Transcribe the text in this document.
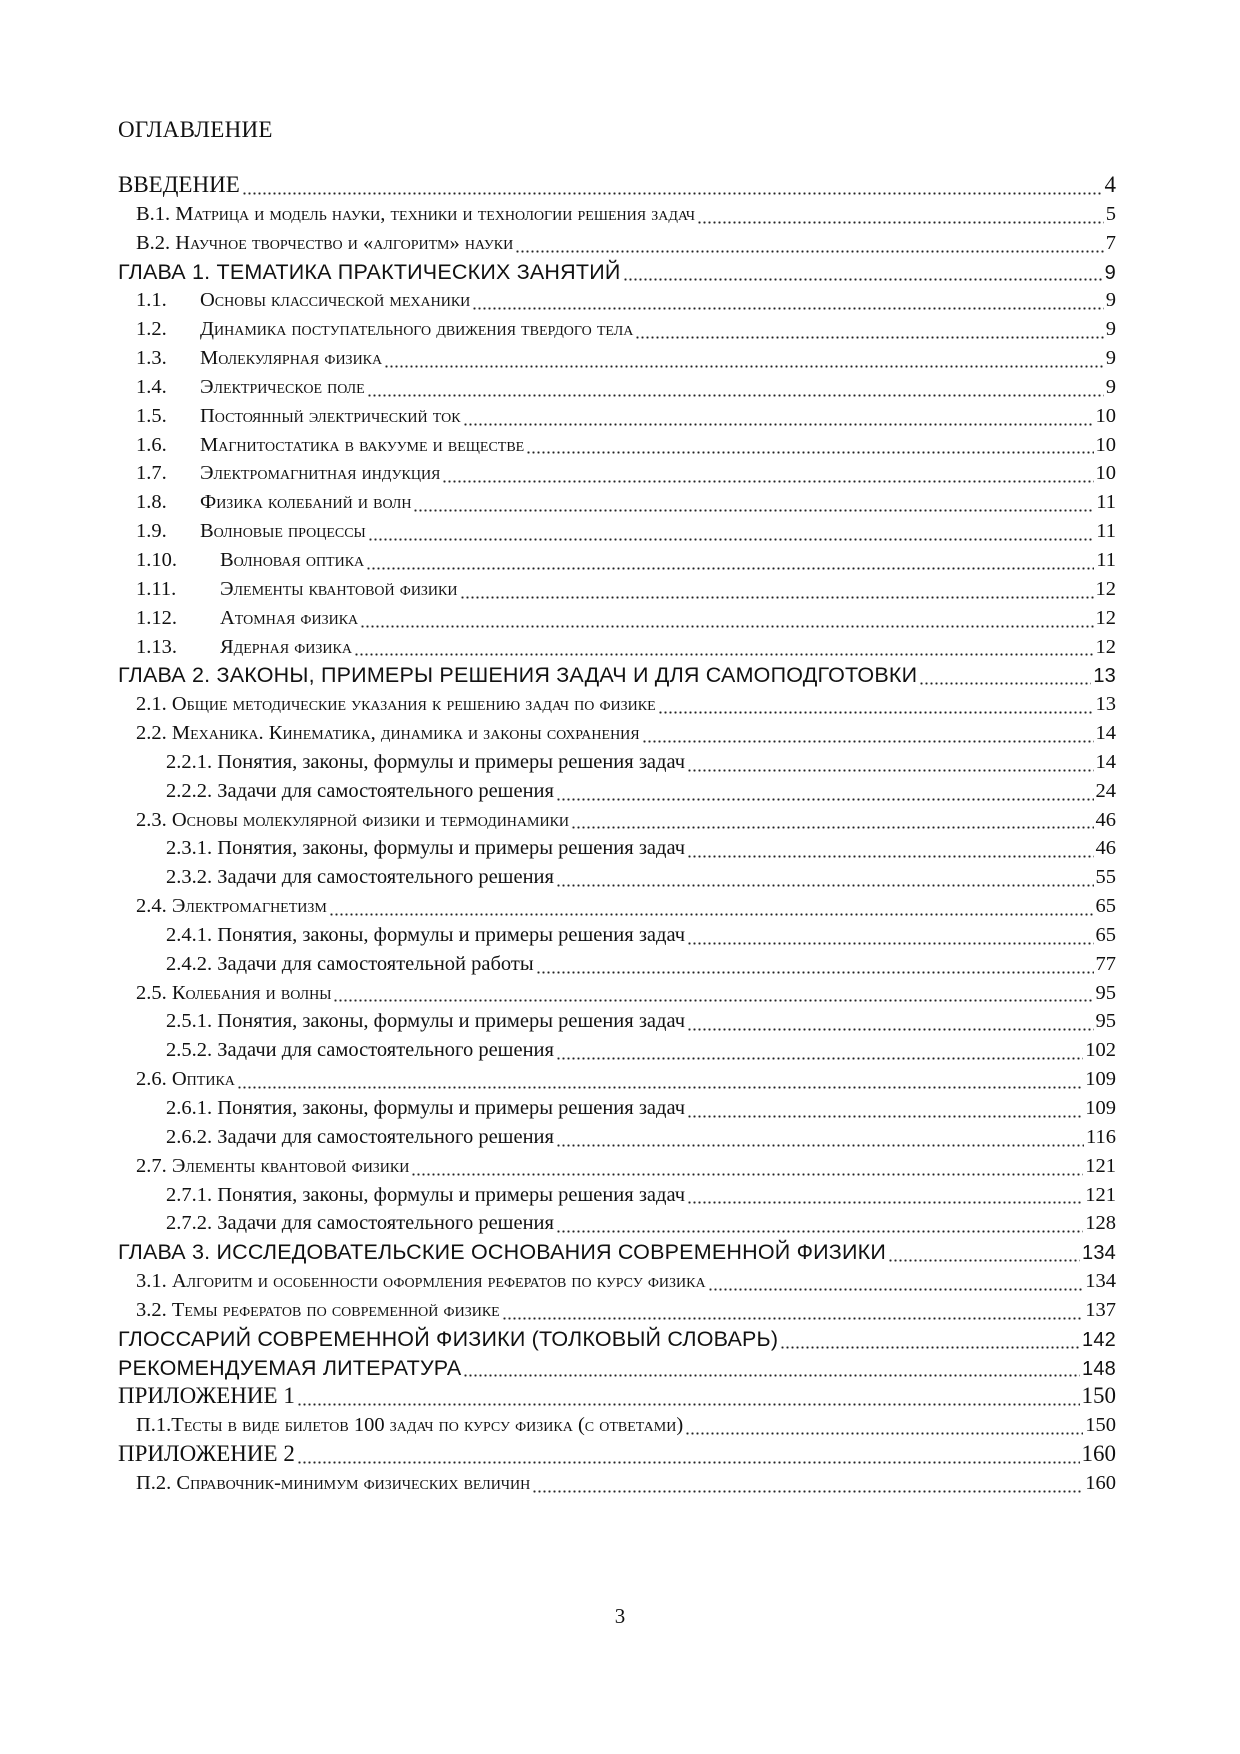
ОГЛАВЛЕНИЕ
ВВЕДЕНИЕ	4
В.1. Матрица и модель науки, техники и технологии решения задач	5
В.2. Научное творчество и «алгоритм» науки	7
ГЛАВА 1. ТЕМАТИКА ПРАКТИЧЕСКИХ ЗАНЯТИЙ	9
1.1.	Основы классической механики	9
1.2.	Динамика поступательного движения твердого тела	9
1.3.	Молекулярная физика	9
1.4.	Электрическое поле	9
1.5.	Постоянный электрический ток	10
1.6.	Магнитостатика в вакууме и веществе	10
1.7.	Электромагнитная индукция	10
1.8.	Физика колебаний и волн	11
1.9.	Волновые процессы	11
1.10.	Волновая оптика	11
1.11.	Элементы квантовой физики	12
1.12.	Атомная физика	12
1.13.	Ядерная физика	12
ГЛАВА 2. ЗАКОНЫ, ПРИМЕРЫ РЕШЕНИЯ ЗАДАЧ И ДЛЯ САМОПОДГОТОВКИ	13
2.1. Общие методические указания к решению задач по физике	13
2.2. Механика. Кинематика, динамика и законы сохранения	14
2.2.1. Понятия, законы, формулы и примеры решения задач	14
2.2.2. Задачи для самостоятельного решения	24
2.3. Основы молекулярной физики и термодинамики	46
2.3.1. Понятия, законы, формулы и примеры решения задач	46
2.3.2. Задачи для самостоятельного решения	55
2.4. Электромагнетизм	65
2.4.1. Понятия, законы, формулы и примеры решения задач	65
2.4.2. Задачи для самостоятельной работы	77
2.5. Колебания и волны	95
2.5.1. Понятия, законы, формулы и примеры решения задач	95
2.5.2. Задачи для самостоятельного решения	102
2.6. Оптика	109
2.6.1. Понятия, законы, формулы и примеры решения задач	109
2.6.2. Задачи для самостоятельного решения	116
2.7. Элементы квантовой физики	121
2.7.1. Понятия, законы, формулы и примеры решения задач	121
2.7.2. Задачи для самостоятельного решения	128
ГЛАВА 3. ИССЛЕДОВАТЕЛЬСКИЕ ОСНОВАНИЯ СОВРЕМЕННОЙ ФИЗИКИ	134
3.1. Алгоритм и особенности оформления рефератов по курсу физика	134
3.2. Темы рефератов по современной физике	137
ГЛОССАРИЙ СОВРЕМЕННОЙ ФИЗИКИ (ТОЛКОВЫЙ СЛОВАРЬ)	142
РЕКОМЕНДУЕМАЯ ЛИТЕРАТУРА	148
ПРИЛОЖЕНИЕ 1	150
П.1.Тесты в виде билетов 100 задач по курсу физика (с ответами)	150
ПРИЛОЖЕНИЕ 2	160
П.2. Справочник-минимум физических величин	160
3
